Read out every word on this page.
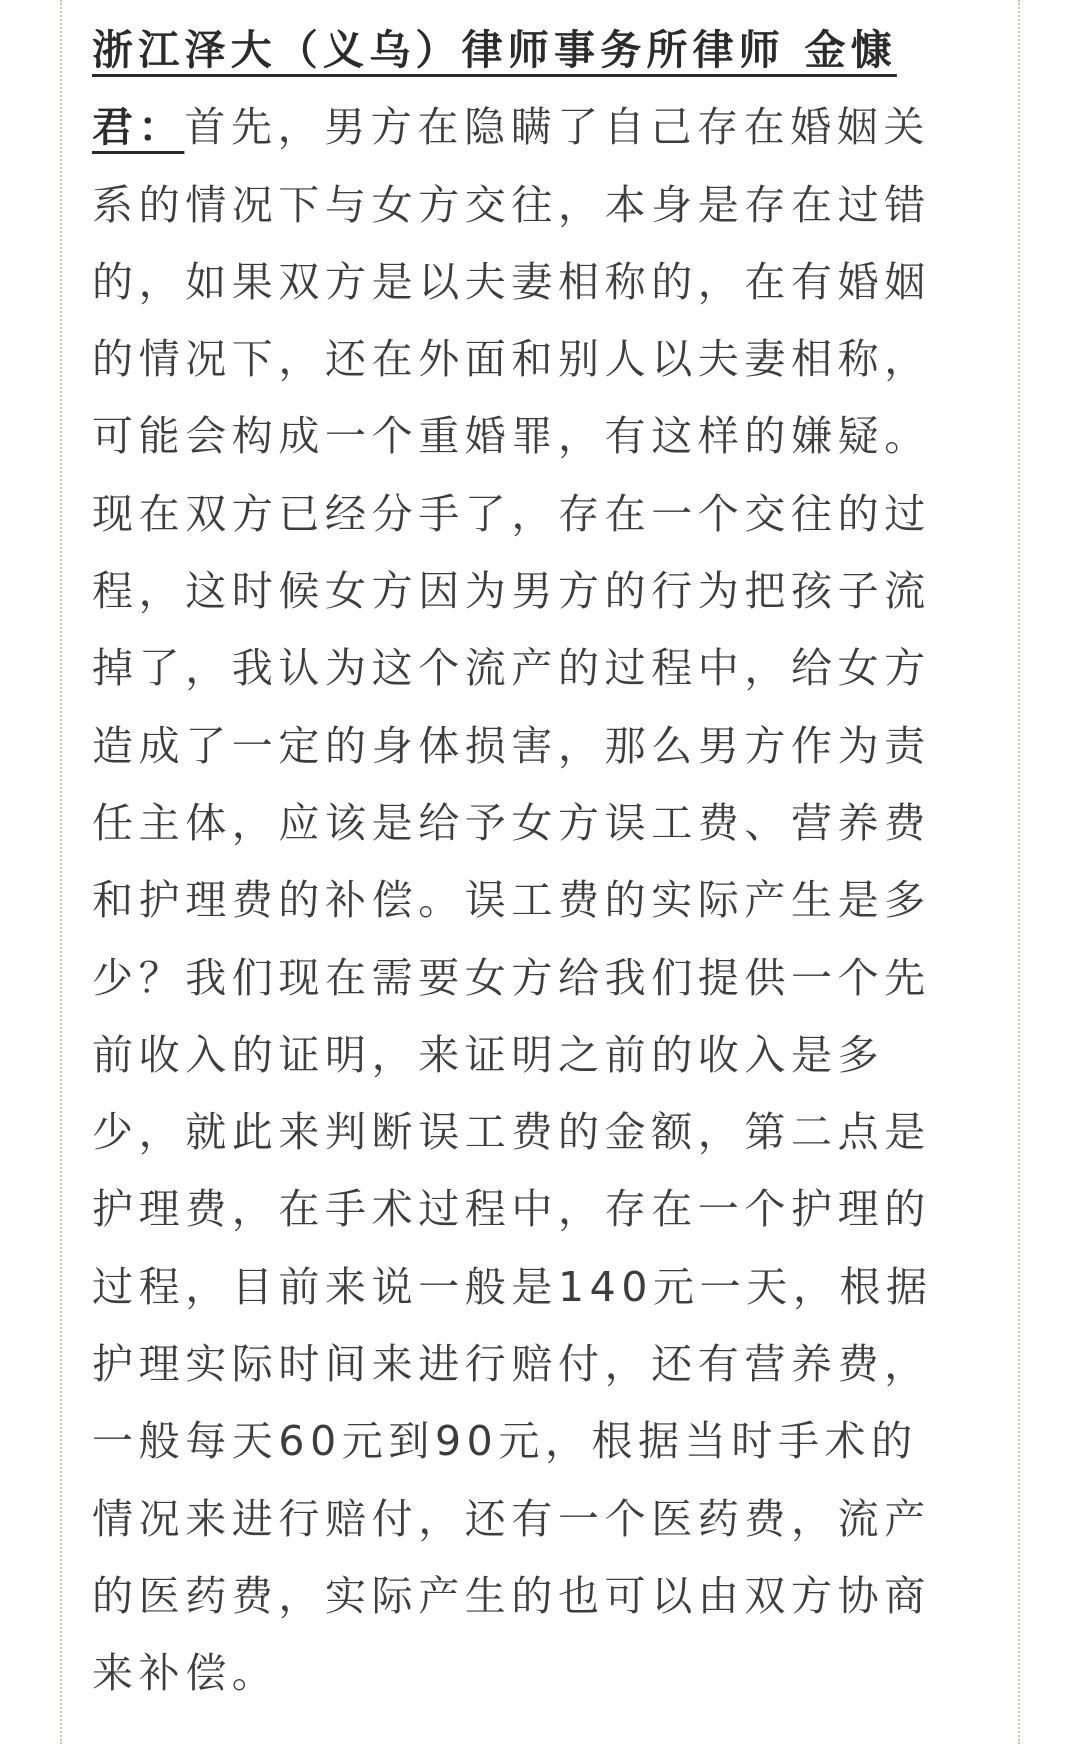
浙江泽大（义乌）律师事务所律师 金慷
君：首先，男方在隐瞒了自己存在婚姻关
系的情况下与女方交往，本身是存在过错
的，如果双方是以夫妻相称的，在有婚姻
的情况下，还在外面和别人以夫妻相称，
可能会构成一个重婚罪，有这样的嫌疑。
现在双方已经分手了，存在一个交往的过
程，这时候女方因为男方的行为把孩子流
掉了，我认为这个流产的过程中，给女方
造成了一定的身体损害，那么男方作为责
任主体，应该是给予女方误工费、营养费
和护理费的补偿。误工费的实际产生是多
少？我们现在需要女方给我们提供一个先
前收入的证明，来证明之前的收入是多
少，就此来判断误工费的金额，第二点是
护理费，在手术过程中，存在一个护理的
过程，目前来说一般是140元一天，根据
护理实际时间来进行赔付，还有营养费，
一般每天60元到90元，根据当时手术的
情况来进行赔付，还有一个医药费，流产
的医药费，实际产生的也可以由双方协商
来补偿。
